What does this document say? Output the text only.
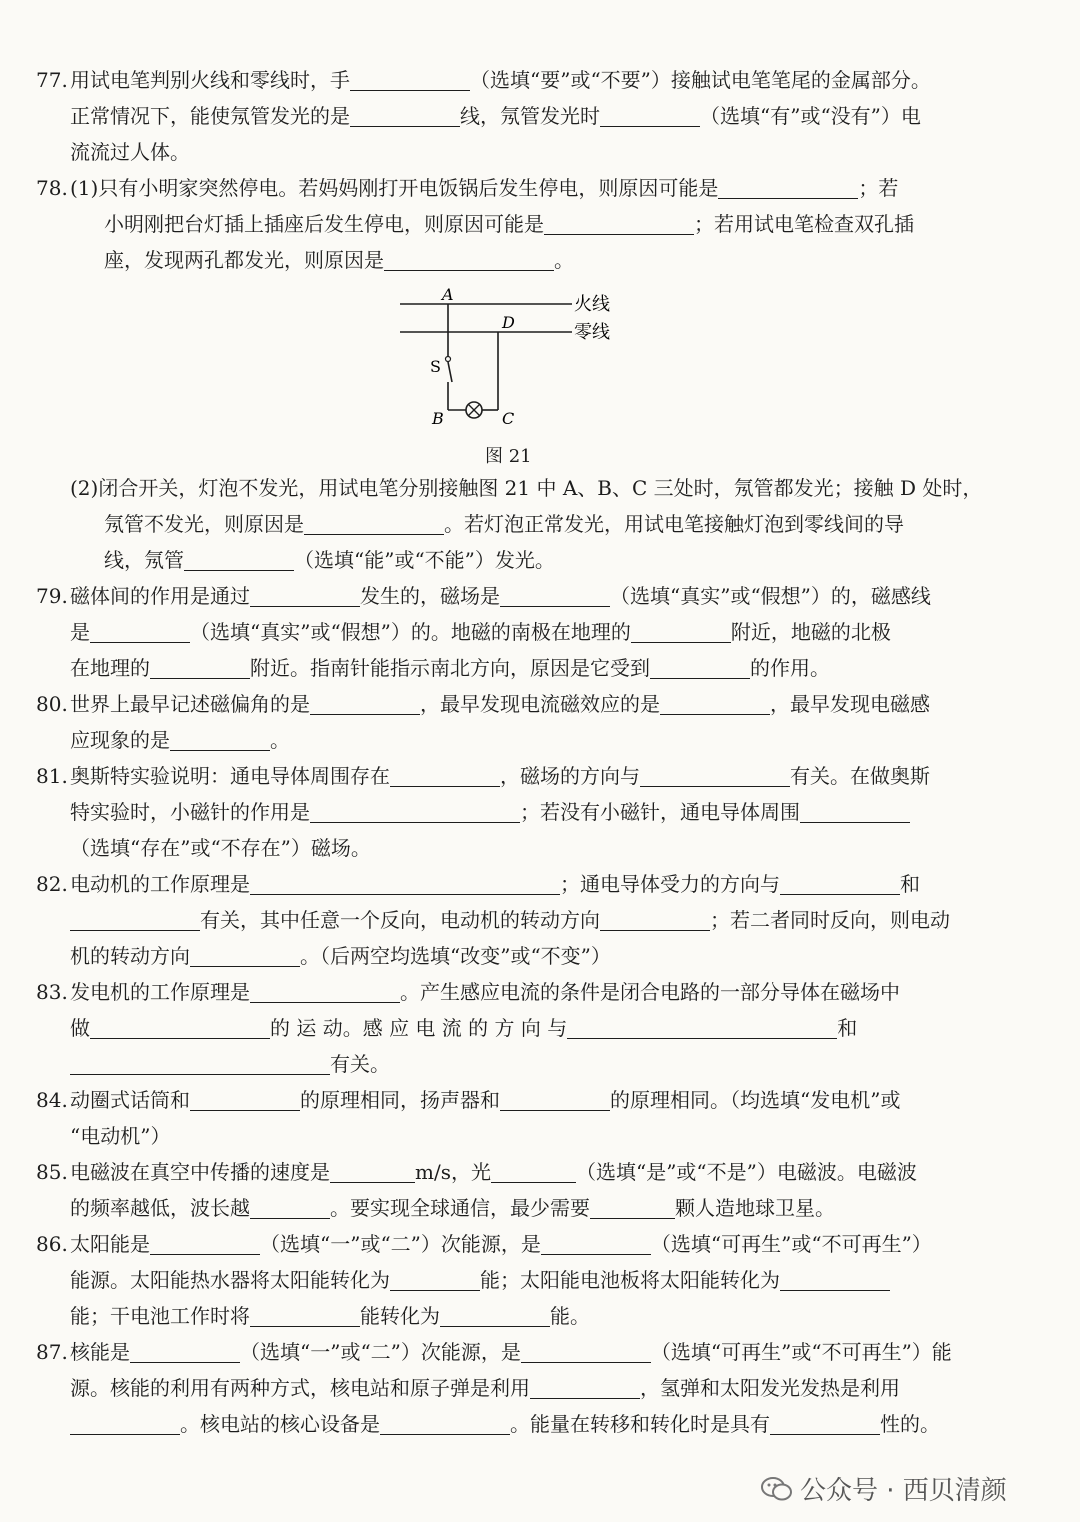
77. 用试电笔判别火线和零线时，手	（选填“要”或“不要”）接触试电笔笔尾的金属部分。
正常情况下，能使氖管发光的是	线，氖管发光时	（选填“有”或“没有”）电
流流过人体。
78. (1)只有小明家突然停电。若妈妈刚打开电饭锅后发生停电，则原因可能是	；若
小明刚把台灯插上插座后发生停电，则原因可能是	；若用试电笔检查双孔插
座，发现两孔都发光，则原因是	。
(2)闭合开关，灯泡不发光，用试电笔分别接触图 21 中 A、B、C 三处时，氖管都发光；接触 D 处时，
氖管不发光，则原因是	。若灯泡正常发光，用试电笔接触灯泡到零线间的导
线，氖管	（选填“能”或“不能”）发光。
79. 磁体间的作用是通过	发生的，磁场是	（选填“真实”或“假想”）的，磁感线
是	（选填“真实”或“假想”）的。地磁的南极在地理的	附近，地磁的北极
在地理的	附近。指南针能指示南北方向，原因是它受到	的作用。
80. 世界上最早记述磁偏角的是	，最早发现电流磁效应的是	，最早发现电磁感
应现象的是	。
81. 奥斯特实验说明：通电导体周围存在	，磁场的方向与	有关。在做奥斯
特实验时，小磁针的作用是	；若没有小磁针，通电导体周围
（选填“存在”或“不存在”）磁场。
82. 电动机的工作原理是	；通电导体受力的方向与	和
有关，其中任意一个反向，电动机的转动方向	；若二者同时反向，则电动
机的转动方向	。（后两空均选填“改变”或“不变”）
83. 发电机的工作原理是	。产生感应电流的条件是闭合电路的一部分导体在磁场中
做	的 运 动。感 应 电 流 的 方 向 与	和
有关。
84. 动圈式话筒和	的原理相同，扬声器和	的原理相同。（均选填“发电机”或
“电动机”）
85. 电磁波在真空中传播的速度是	m/s，光	（选填“是”或“不是”）电磁波。电磁波
的频率越低，波长越	。要实现全球通信，最少需要	颗人造地球卫星。
86. 太阳能是	（选填“一”或“二”）次能源，是	（选填“可再生”或“不可再生”）
能源。太阳能热水器将太阳能转化为	能；太阳能电池板将太阳能转化为
能；干电池工作时将	能转化为	能。
87. 核能是	（选填“一”或“二”）次能源，是	（选填“可再生”或“不可再生”）能
源。核能的利用有两种方式，核电站和原子弹是利用	，氢弹和太阳发光发热是利用
。核电站的核心设备是	。能量在转移和转化时是具有	性的。
A
D
S
B	C
火线
零线
图 21
公众号 · 西贝清颜
